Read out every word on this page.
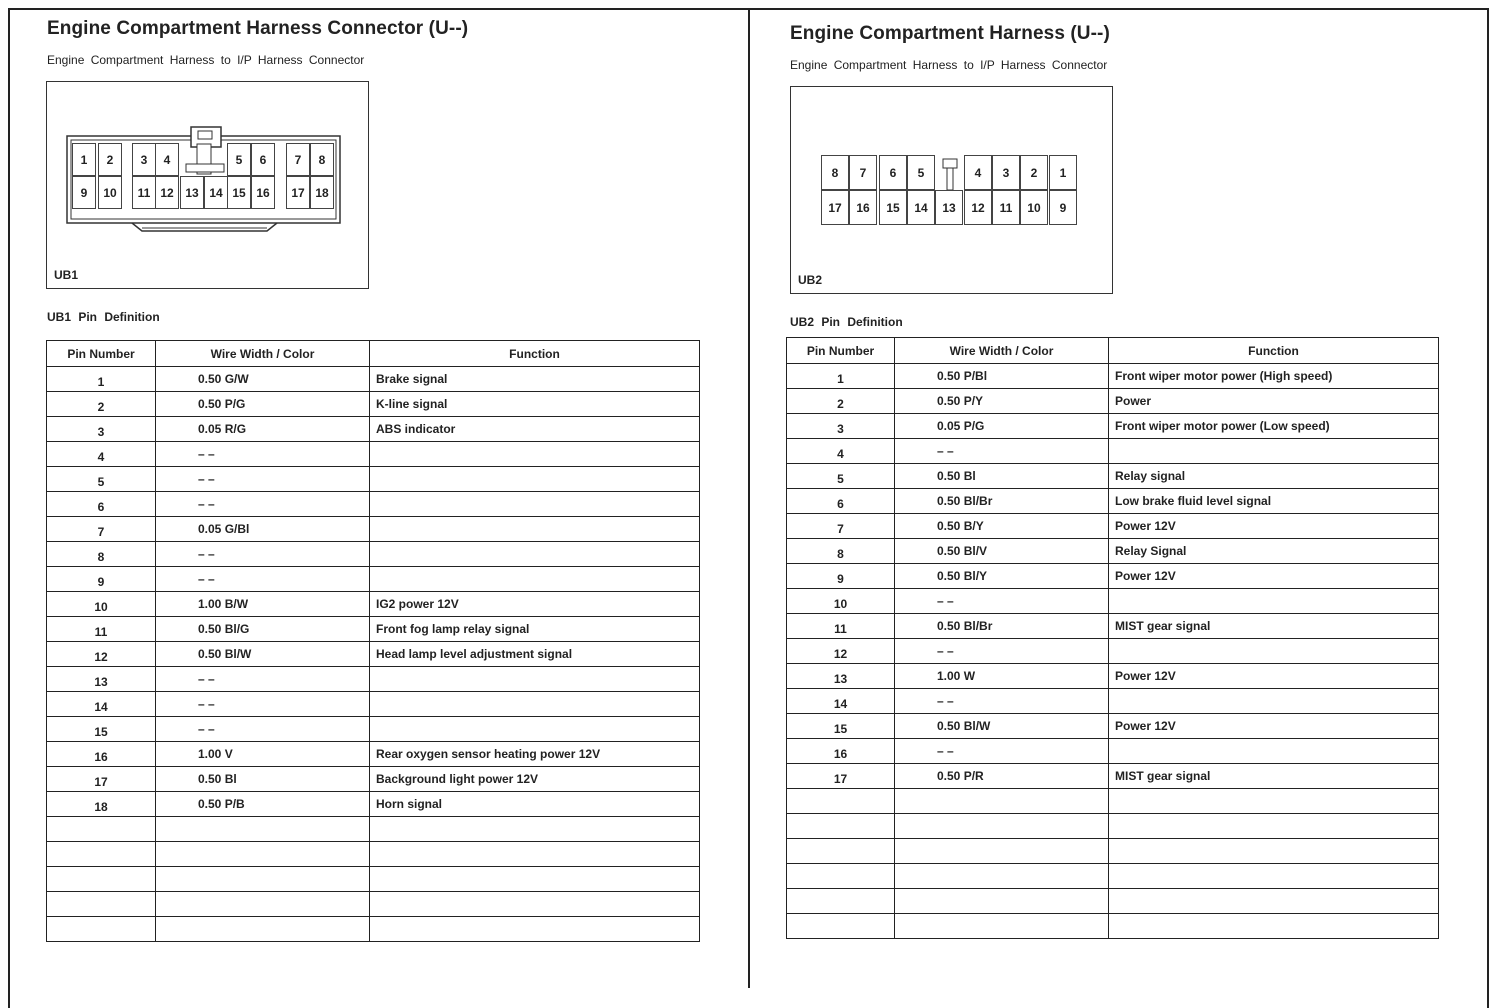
Engine Compartment Harness Connector (U--)
Engine Compartment Harness to I/P Harness Connector
1	2	3	4	5	6	7	8
9	10	11 12 13 14 15 16	17 18
UB1
UB1 Pin Definition
Pin Number	Wire Width / Color	Function
1	0.50 G/W	Brake signal
2	0.50 P/G	K-line signal
3	0.05 R/G	ABS indicator
4	– –	
5	– –	
6	– –	
7	0.05 G/Bl	
8	– –	
9	– –	
10	1.00 B/W	IG2 power 12V
11	0.50 Bl/G	Front fog lamp relay signal
12	0.50 Bl/W	Head lamp level adjustment signal
13	– –	
14	– –	
15	– –	
16	1.00 V	Rear oxygen sensor heating power 12V
17	0.50 Bl	Background light power 12V
18	0.50 P/B	Horn signal

Engine Compartment Harness (U--)
Engine Compartment Harness to I/P Harness Connector
8	7	6	5	4	3	2	1
17	16	15	14	13	12	11	10	9
UB2
UB2 Pin Definition
Pin Number	Wire Width / Color	Function
1	0.50 P/Bl	Front wiper motor power (High speed)
2	0.50 P/Y	Power
3	0.05 P/G	Front wiper motor power (Low speed)
4	– –	
5	0.50 Bl	Relay signal
6	0.50 Bl/Br	Low brake fluid level signal
7	0.50 B/Y	Power 12V
8	0.50 Bl/V	Relay Signal
9	0.50 Bl/Y	Power 12V
10	– –	
11	0.50 Bl/Br	MIST gear signal
12	– –	
13	1.00 W	Power 12V
14	– –	
15	0.50 Bl/W	Power 12V
16	– –	
17	0.50 P/R	MIST gear signal
